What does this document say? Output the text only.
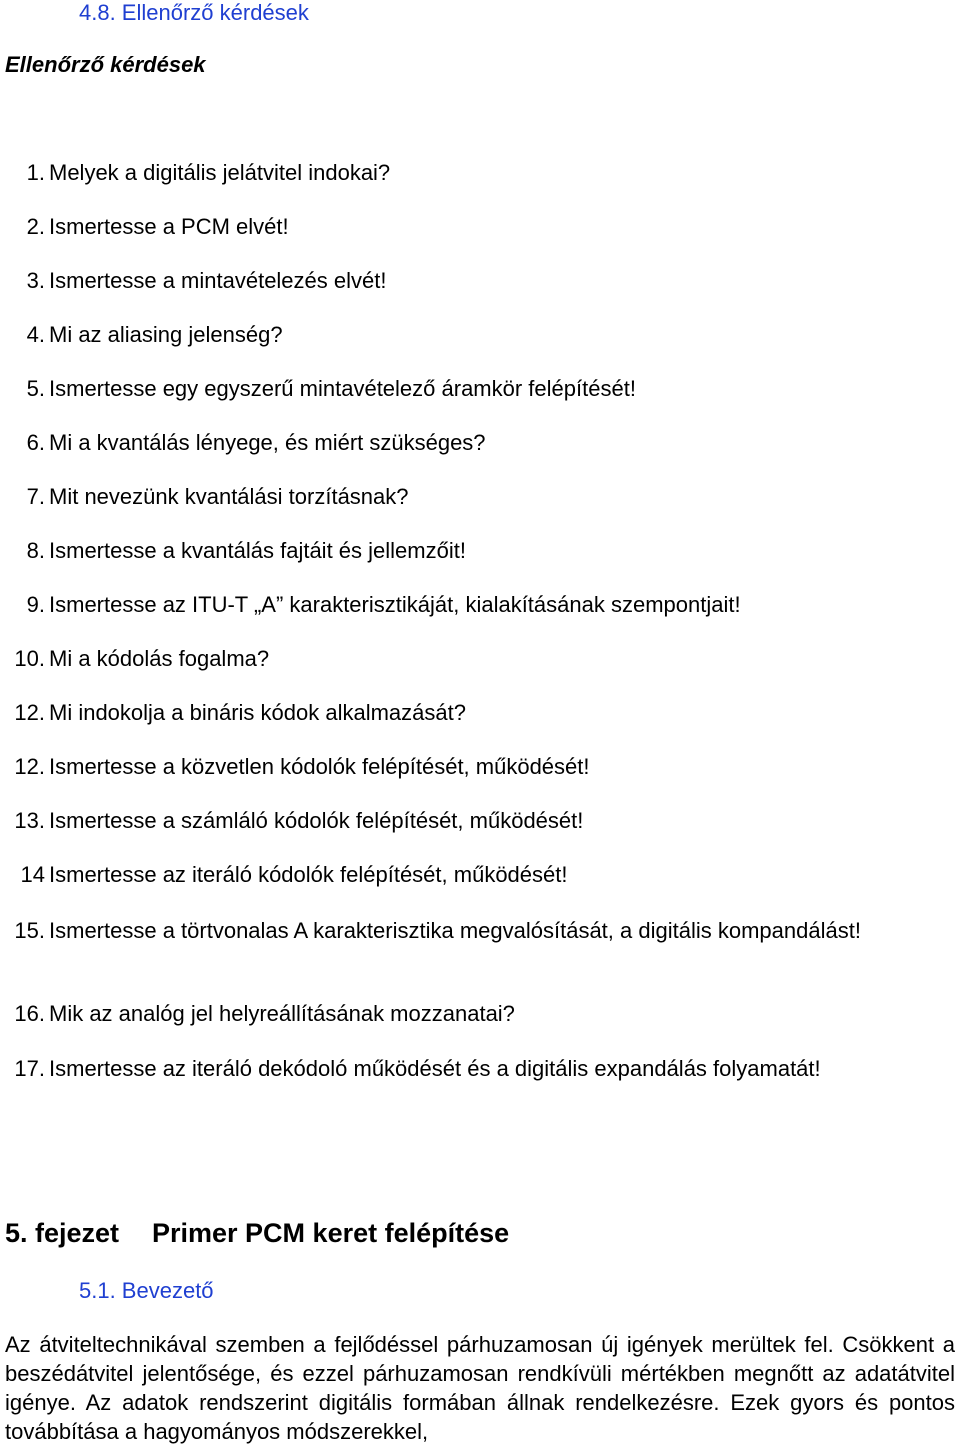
4.8. Ellenőrző kérdések
Ellenőrző kérdések
1. Melyek a digitális jelátvitel indokai?
2. Ismertesse a PCM elvét!
3. Ismertesse a mintavételezés elvét!
4. Mi az aliasing jelenség?
5. Ismertesse egy egyszerű mintavételező áramkör felépítését!
6. Mi a kvantálás lényege, és miért szükséges?
7. Mit nevezünk kvantálási torzításnak?
8. Ismertesse a kvantálás fajtáit és jellemzőit!
9. Ismertesse az ITU-T „A” karakterisztikáját, kialakításának szempontjait!
10. Mi a kódolás fogalma?
12. Mi indokolja a bináris kódok alkalmazását?
12. Ismertesse a közvetlen kódolók felépítését, működését!
13. Ismertesse a számláló kódolók felépítését, működését!
14 Ismertesse az iteráló kódolók felépítését, működését!
15. Ismertesse a törtvonalas A karakterisztika megvalósítását, a digitális kompandálást!
16. Mik az analóg jel helyreállításának mozzanatai?
17. Ismertesse az iteráló dekódoló működését és a digitális expandálás folyamatát!
5. fejezet Primer PCM keret felépítése
5.1. Bevezető
Az átviteltechnikával szemben a fejlődéssel párhuzamosan új igények merültek fel. Csökkent a beszédátvitel jelentősége, és ezzel párhuzamosan rendkívüli mértékben megnőtt az adatátvitel igénye. Az adatok rendszerint digitális formában állnak rendelkezésre. Ezek gyors és pontos továbbítása a hagyományos módszerekkel,
